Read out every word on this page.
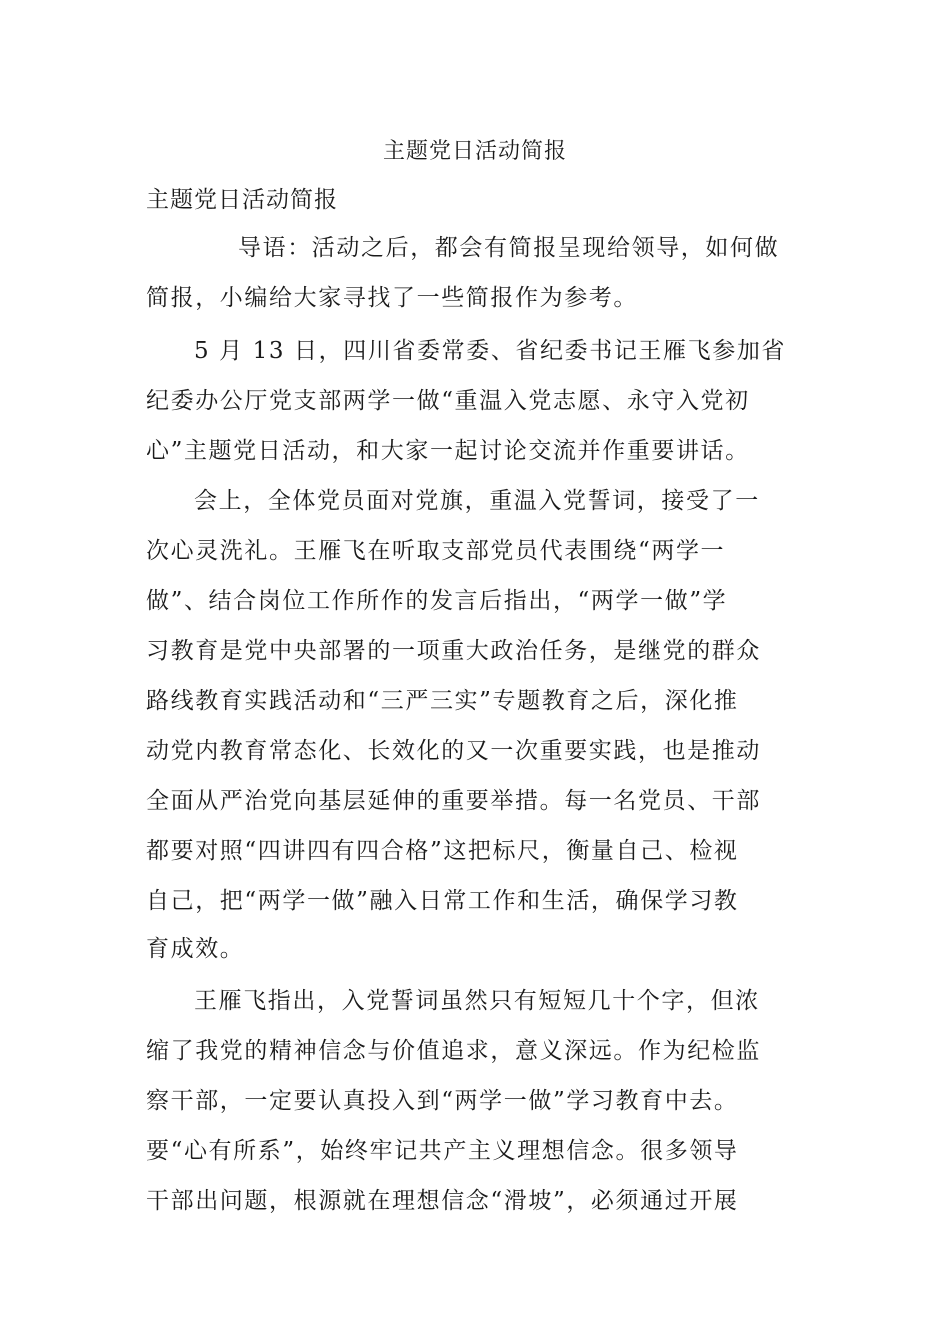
主题党日活动简报
主题党日活动简报
导语：活动之后，都会有简报呈现给领导，如何做
简报，小编给大家寻找了一些简报作为参考。
5 月 13 日，四川省委常委、省纪委书记王雁飞参加省
纪委办公厅党支部两学一做“重温入党志愿、永守入党初
心”主题党日活动，和大家一起讨论交流并作重要讲话。
会上，全体党员面对党旗，重温入党誓词，接受了一
次心灵洗礼。王雁飞在听取支部党员代表围绕“两学一
做”、结合岗位工作所作的发言后指出，“两学一做”学
习教育是党中央部署的一项重大政治任务，是继党的群众
路线教育实践活动和“三严三实”专题教育之后，深化推
动党内教育常态化、长效化的又一次重要实践，也是推动
全面从严治党向基层延伸的重要举措。每一名党员、干部
都要对照“四讲四有四合格”这把标尺，衡量自己、检视
自己，把“两学一做”融入日常工作和生活，确保学习教
育成效。
王雁飞指出，入党誓词虽然只有短短几十个字，但浓
缩了我党的精神信念与价值追求，意义深远。作为纪检监
察干部，一定要认真投入到“两学一做”学习教育中去。
要“心有所系”，始终牢记共产主义理想信念。很多领导
干部出问题，根源就在理想信念“滑坡”，必须通过开展
